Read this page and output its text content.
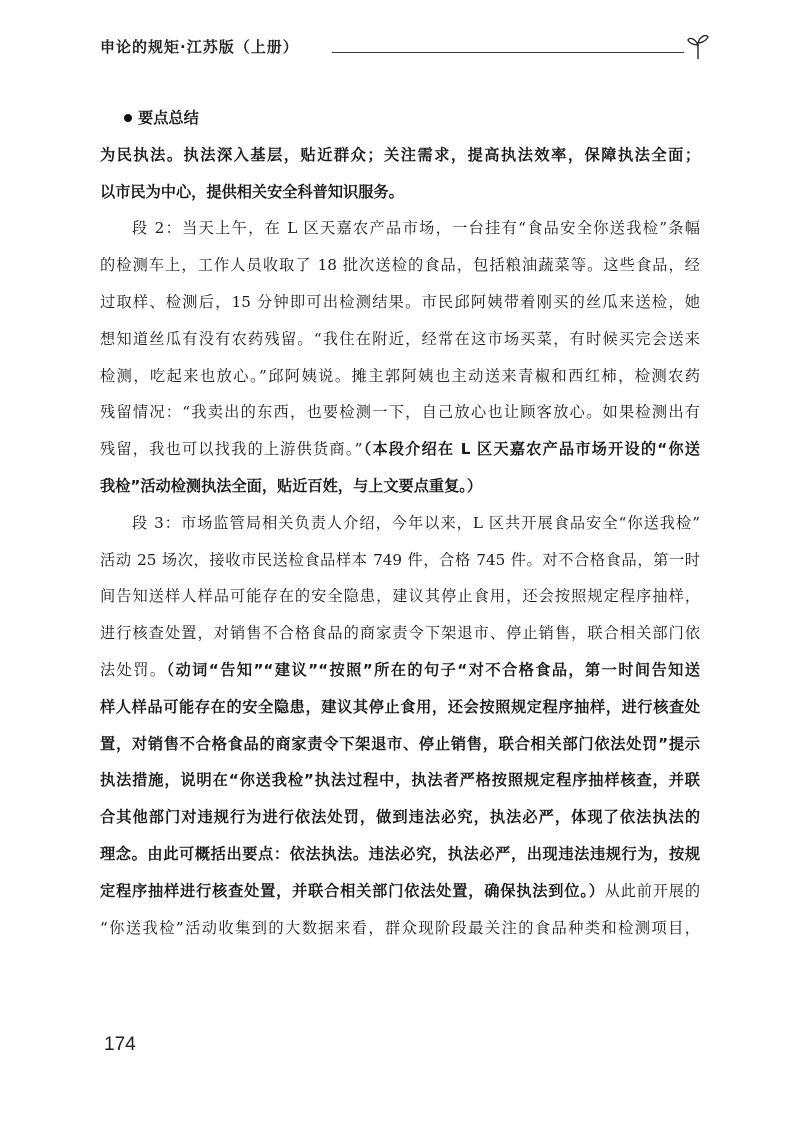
申论的规矩·江苏版（上册）
要点总结
为民执法。执法深入基层，贴近群众；关注需求，提高执法效率，保障执法全面；
以市民为中心，提供相关安全科普知识服务。
段 2：当天上午，在 L 区天嘉农产品市场，一台挂有“食品安全你送我检”条幅
的检测车上，工作人员收取了 18 批次送检的食品，包括粮油蔬菜等。这些食品，经
过取样、检测后，15 分钟即可出检测结果。市民邱阿姨带着刚买的丝瓜来送检，她
想知道丝瓜有没有农药残留。“我住在附近，经常在这市场买菜，有时候买完会送来
检测，吃起来也放心。”邱阿姨说。摊主郭阿姨也主动送来青椒和西红柿，检测农药
残留情况：“我卖出的东西，也要检测一下，自己放心也让顾客放心。如果检测出有
残留，我也可以找我的上游供货商。”（本段介绍在 L 区天嘉农产品市场开设的“你送
我检”活动检测执法全面，贴近百姓，与上文要点重复。）
段 3：市场监管局相关负责人介绍，今年以来，L 区共开展食品安全“你送我检”
活动 25 场次，接收市民送检食品样本 749 件，合格 745 件。对不合格食品，第一时
间告知送样人样品可能存在的安全隐患，建议其停止食用，还会按照规定程序抽样，
进行核查处置，对销售不合格食品的商家责令下架退市、停止销售，联合相关部门依
法处罚。（动词“告知”“建议”“按照”所在的句子“对不合格食品，第一时间告知送
样人样品可能存在的安全隐患，建议其停止食用，还会按照规定程序抽样，进行核查处
置，对销售不合格食品的商家责令下架退市、停止销售，联合相关部门依法处罚”提示
执法措施，说明在“你送我检”执法过程中，执法者严格按照规定程序抽样核查，并联
合其他部门对违规行为进行依法处罚，做到违法必究，执法必严，体现了依法执法的
理念。由此可概括出要点：依法执法。违法必究，执法必严，出现违法违规行为，按规
定程序抽样进行核查处置，并联合相关部门依法处置，确保执法到位。）从此前开展的
“你送我检”活动收集到的大数据来看，群众现阶段最关注的食品种类和检测项目，
174
